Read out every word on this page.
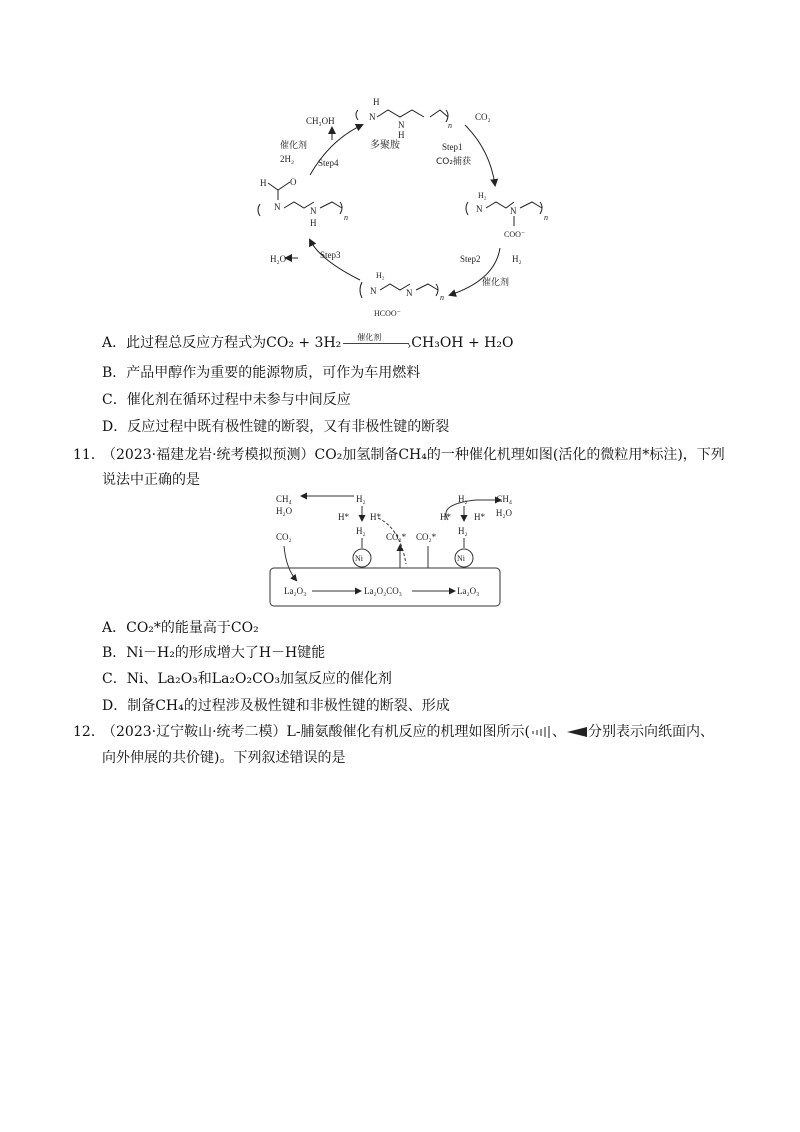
H
N
N
H
n
多聚胺
CO₂
Step1
CO₂捕获
H₂
N	N
n
COO⁻
Step2	H₂
催化剂
H₂
N	N	n
HCOO⁻
Step3
H₂O
H	O
N	N
H
n
Step4
催化剂
2H₂
CH₃OH
A．此过程总反应方程式为CO₂ + 3H₂ 催化剂
› CH₃OH + H₂O
B．产品甲醇作为重要的能源物质，可作为车用燃料
C．催化剂在循环过程中未参与中间反应
D．反应过程中既有极性键的断裂，又有非极性键的断裂
11．
（2023·福建龙岩·统考模拟预测）CO₂加氢制备CH₄的一种催化机理如图(活化的微粒用*标注)，下列
说法中正确的是
La₂O₃	La₂O₂CO₃	La₂O₃
CH₄
H₂O
CO₂
H₂
H* H*
H₂
Ni
CO₂* CO₂*
H₂
H*	H*
H₂
Ni
CH₄
H₂O
A．CO₂*的能量高于CO₂
B．Ni－H₂的形成增大了H－H键能
C．Ni、La₂O₃和La₂O₂CO₃加氢反应的催化剂
D．制备CH₄的过程涉及极性键和非极性键的断裂、形成
12．
（2023·辽宁鞍山·统考二模）L-脯氨酸催化有机反应的机理如图所示( 、 分别表示向纸面内、
向外伸展的共价键)。下列叙述错误的是
